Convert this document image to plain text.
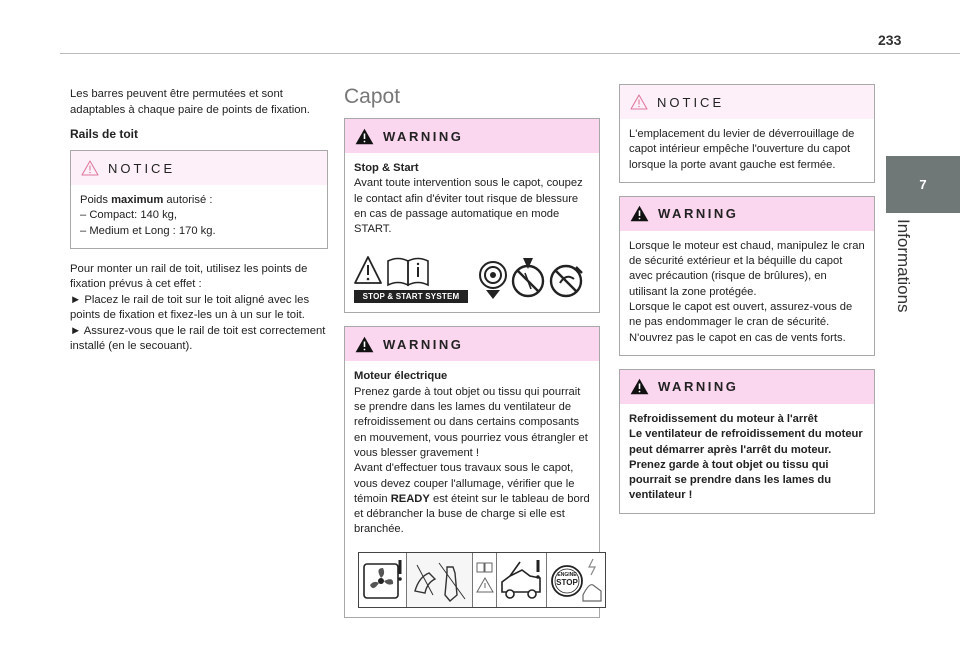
233
7
Informations

Les barres peuvent être permutées et sont adaptables à chaque paire de points de fixation.

Rails de toit

NOTICE
Poids maximum autorisé :
– Compact: 140 kg,
– Medium et Long : 170 kg.

Pour monter un rail de toit, utilisez les points de fixation prévus à cet effet :

► Placez le rail de toit sur le toit aligné avec les points de fixation et fixez-les un à un sur le toit.

► Assurez-vous que le rail de toit est correctement installé (en le secouant).

Capot
WARNING
Stop & Start
Avant toute intervention sous le capot, coupez le contact afin d'éviter tout risque de blessure en cas de passage automatique en mode START.
STOP & START SYSTEM
WARNING
Moteur électrique
Prenez garde à tout objet ou tissu qui pourrait se prendre dans les lames du ventilateur de refroidissement ou dans certains composants en mouvement, vous pourriez vous étrangler et vous blesser gravement !
Avant d'effectuer tous travaux sous le capot, vous devez couper l'allumage, vérifier que le témoin READY est éteint sur le tableau de bord et débrancher la buse de charge si elle est branchée.
ENGINE
STOP
NOTICE
L'emplacement du levier de déverrouillage de capot intérieur empêche l'ouverture du capot lorsque la porte avant gauche est fermée.
WARNING
Lorsque le moteur est chaud, manipulez le cran de sécurité extérieur et la béquille du capot avec précaution (risque de brûlures), en utilisant la zone protégée.
Lorsque le capot est ouvert, assurez-vous de ne pas endommager le cran de sécurité. N'ouvrez pas le capot en cas de vents forts.
WARNING
Refroidissement du moteur à l'arrêt
Le ventilateur de refroidissement du moteur peut démarrer après l'arrêt du moteur.
Prenez garde à tout objet ou tissu qui pourrait se prendre dans les lames du ventilateur !
